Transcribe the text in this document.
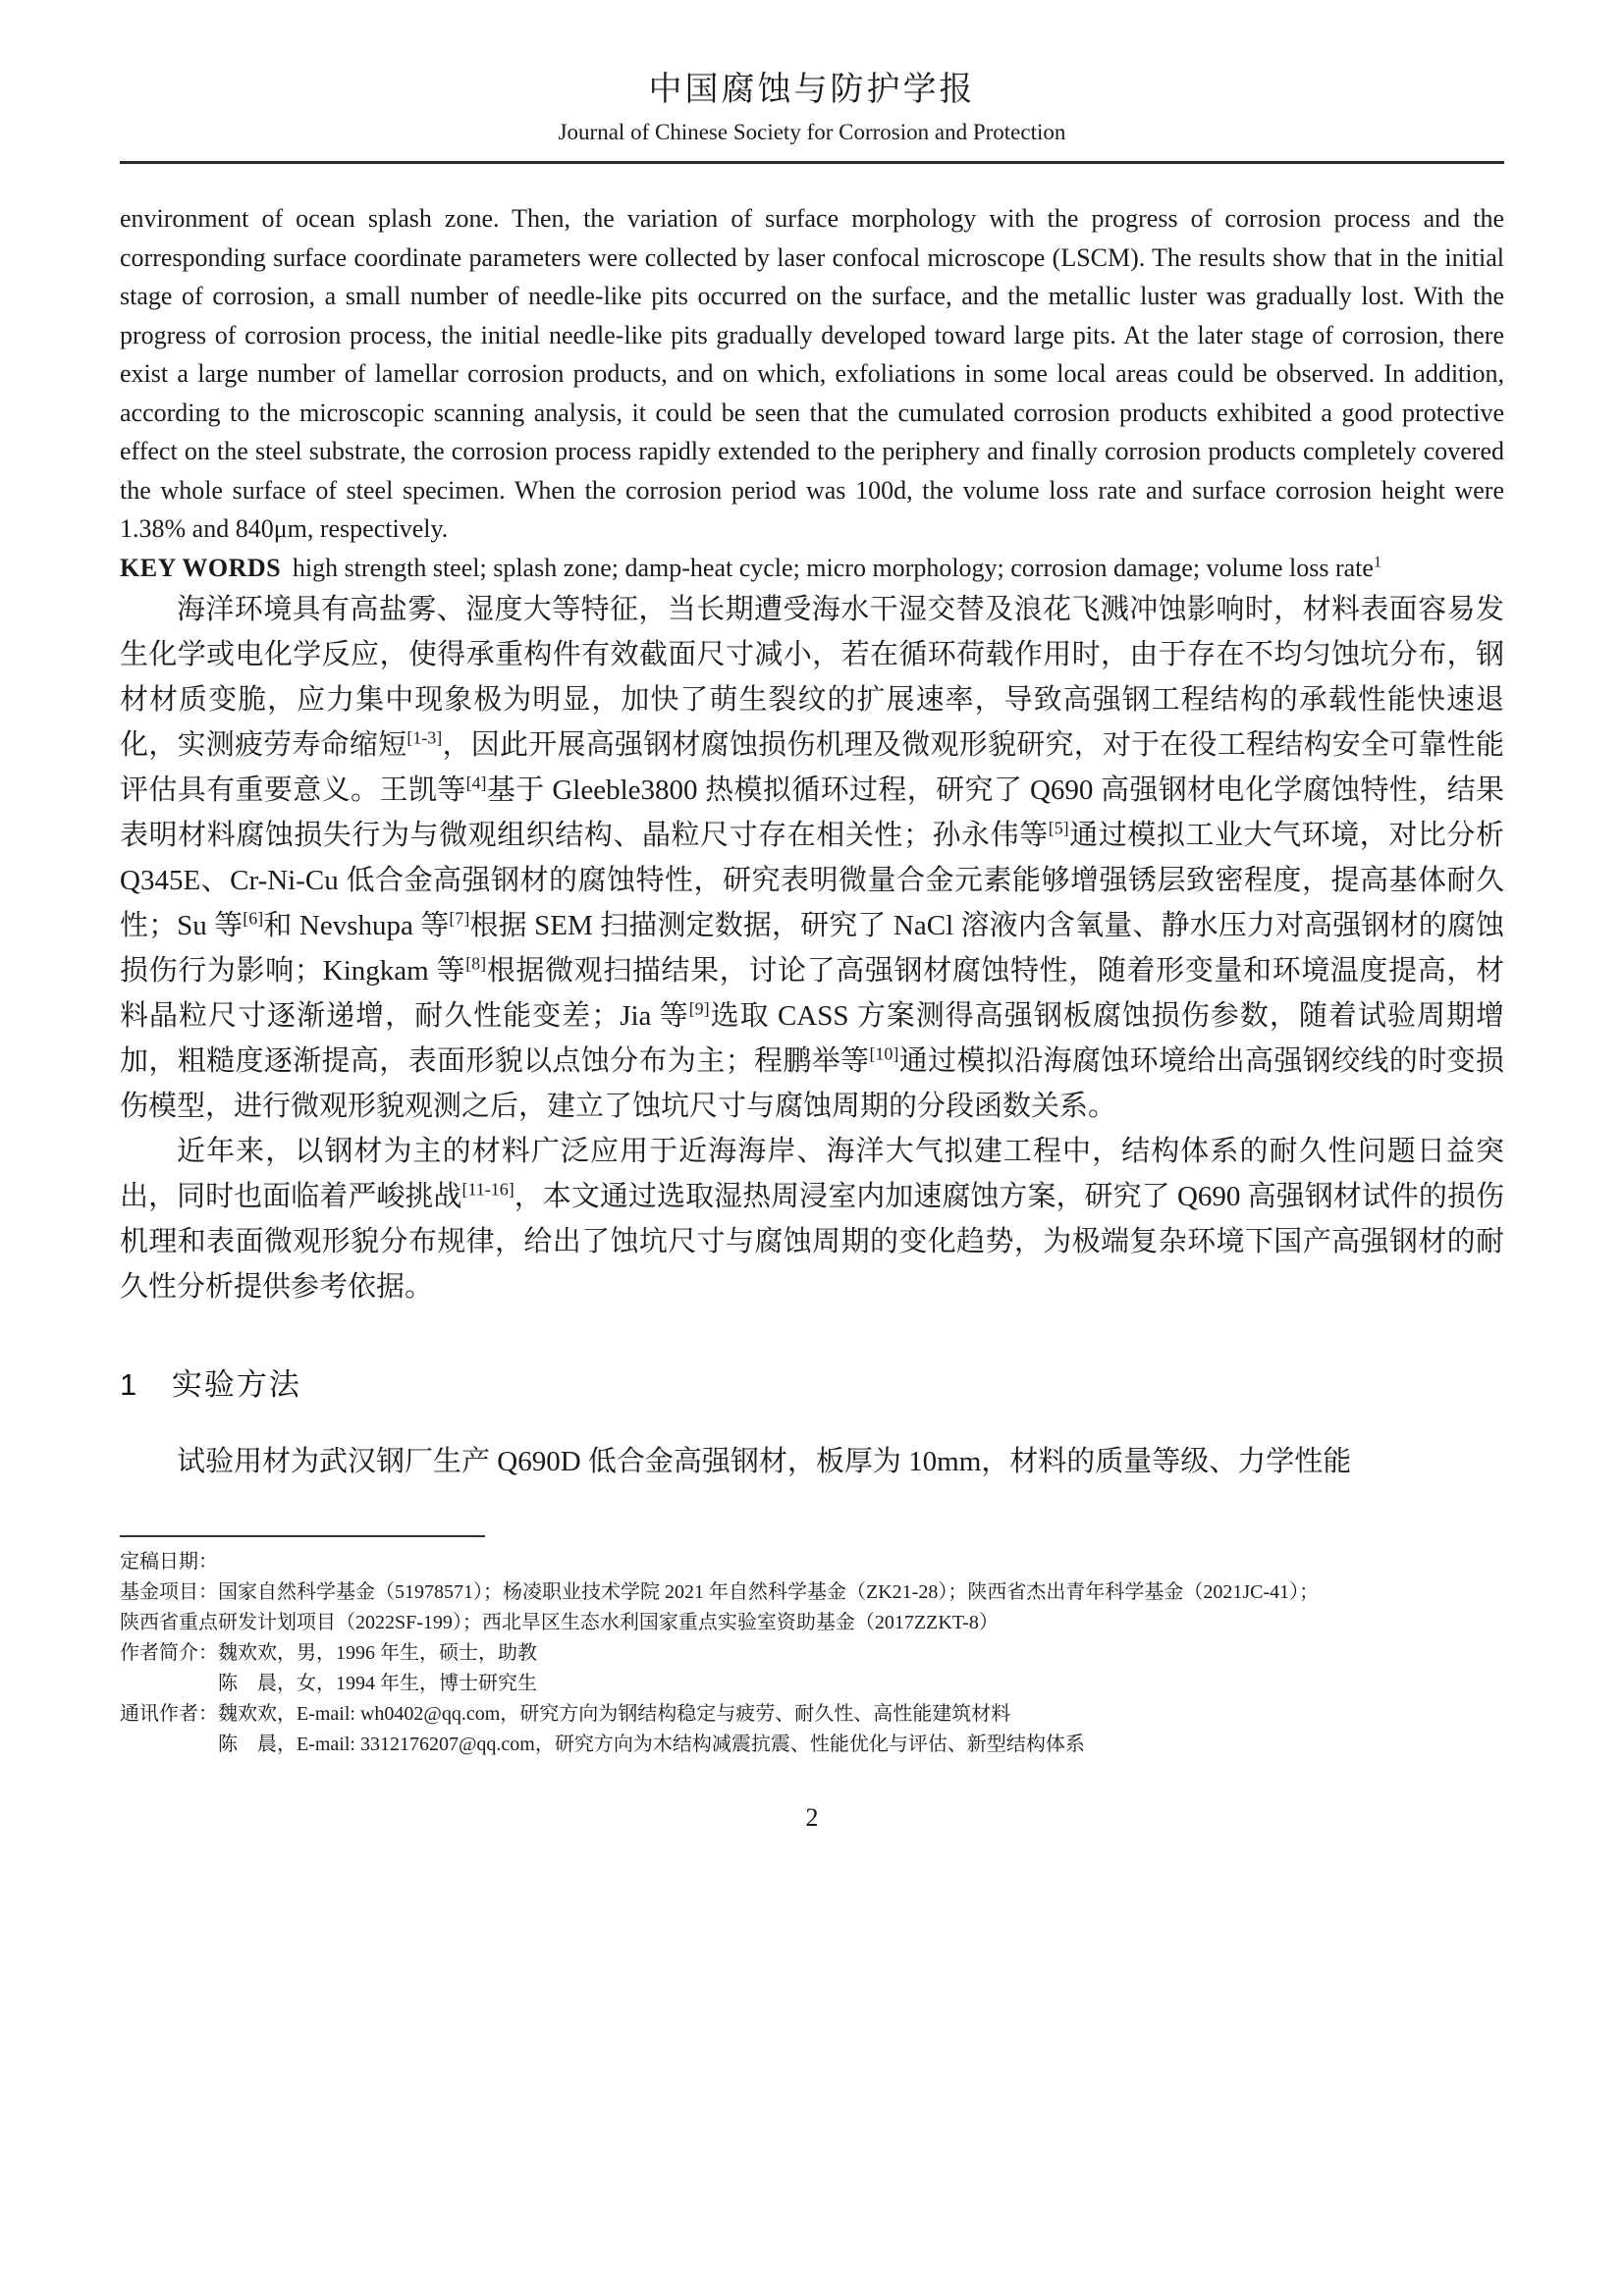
中国腐蚀与防护学报
Journal of Chinese Society for Corrosion and Protection

environment of ocean splash zone. Then, the variation of surface morphology with the progress of corrosion process and the corresponding surface coordinate parameters were collected by laser confocal microscope (LSCM). The results show that in the initial stage of corrosion, a small number of needle-like pits occurred on the surface, and the metallic luster was gradually lost. With the progress of corrosion process, the initial needle-like pits gradually developed toward large pits. At the later stage of corrosion, there exist a large number of lamellar corrosion products, and on which, exfoliations in some local areas could be observed. In addition, according to the microscopic scanning analysis, it could be seen that the cumulated corrosion products exhibited a good protective effect on the steel substrate, the corrosion process rapidly extended to the periphery and finally corrosion products completely covered the whole surface of steel specimen. When the corrosion period was 100d, the volume loss rate and surface corrosion height were 1.38% and 840μm, respectively.

KEY WORDS high strength steel; splash zone; damp-heat cycle; micro morphology; corrosion damage; volume loss rate$^1$

海洋环境具有高盐雾、湿度大等特征，当长期遭受海水干湿交替及浪花飞溅冲蚀影响时，材料表面容易发生化学或电化学反应，使得承重构件有效截面尺寸减小，若在循环荷载作用时，由于存在不均匀蚀坑分布，钢材材质变脆，应力集中现象极为明显，加快了萌生裂纹的扩展速率，导致高强钢工程结构的承载性能快速退化，实测疲劳寿命缩短[1-3]，因此开展高强钢材腐蚀损伤机理及微观形貌研究，对于在役工程结构安全可靠性能评估具有重要意义。王凯等[4]基于 Gleeble3800 热模拟循环过程，研究了 Q690 高强钢材电化学腐蚀特性，结果表明材料腐蚀损失行为与微观组织结构、晶粒尺寸存在相关性；孙永伟等[5]通过模拟工业大气环境，对比分析 Q345E、Cr-Ni-Cu 低合金高强钢材的腐蚀特性，研究表明微量合金元素能够增强锈层致密程度，提高基体耐久性；Su 等[6]和 Nevshupa 等[7]根据 SEM 扫描测定数据，研究了 NaCl 溶液内含氧量、静水压力对高强钢材的腐蚀损伤行为影响；Kingkam 等[8]根据微观扫描结果，讨论了高强钢材腐蚀特性，随着形变量和环境温度提高，材料晶粒尺寸逐渐递增，耐久性能变差；Jia 等[9]选取 CASS 方案测得高强钢板腐蚀损伤参数，随着试验周期增加，粗糙度逐渐提高，表面形貌以点蚀分布为主；程鹏举等[10]通过模拟沿海腐蚀环境给出高强钢绞线的时变损伤模型，进行微观形貌观测之后，建立了蚀坑尺寸与腐蚀周期的分段函数关系。

近年来，以钢材为主的材料广泛应用于近海海岸、海洋大气拟建工程中，结构体系的耐久性问题日益突出，同时也面临着严峻挑战[11-16]，本文通过选取湿热周浸室内加速腐蚀方案，研究了 Q690 高强钢材试件的损伤机理和表面微观形貌分布规律，给出了蚀坑尺寸与腐蚀周期的变化趋势，为极端复杂环境下国产高强钢材的耐久性分析提供参考依据。

1 实验方法

试验用材为武汉钢厂生产 Q690D 低合金高强钢材，板厚为 10mm，材料的质量等级、力学性能

定稿日期：
基金项目：国家自然科学基金（51978571）；杨凌职业技术学院 2021 年自然科学基金（ZK21-28）；陕西省杰出青年科学基金（2021JC-41）；
陕西省重点研发计划项目（2022SF-199）；西北旱区生态水利国家重点实验室资助基金（2017ZZKT-8）
作者简介：魏欢欢，男，1996 年生，硕士，助教
陈　晨，女，1994 年生，博士研究生
通讯作者：魏欢欢，E-mail: wh0402@qq.com，研究方向为钢结构稳定与疲劳、耐久性、高性能建筑材料
陈　晨，E-mail: 3312176207@qq.com，研究方向为木结构减震抗震、性能优化与评估、新型结构体系
2
